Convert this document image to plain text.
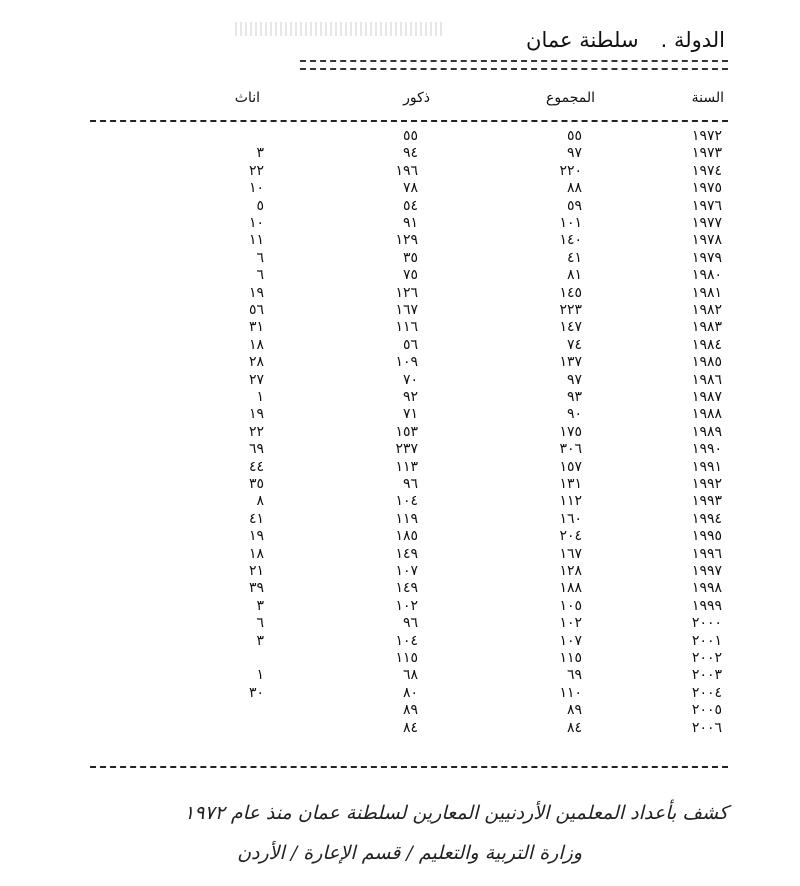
الدولة .سلطنة عمان
السنة
المجموع
ذكور
اناث
١٩٧٢
٥٥
٥٥
١٩٧٣
٩٧
٩٤
٣
١٩٧٤
٢٢٠
١٩٦
٢٢
١٩٧٥
٨٨
٧٨
١٠
١٩٧٦
٥٩
٥٤
٥
١٩٧٧
١٠١
٩١
١٠
١٩٧٨
١٤٠
١٢٩
١١
١٩٧٩
٤١
٣٥
٦
١٩٨٠
٨١
٧٥
٦
١٩٨١
١٤٥
١٢٦
١٩
١٩٨٢
٢٢٣
١٦٧
٥٦
١٩٨٣
١٤٧
١١٦
٣١
١٩٨٤
٧٤
٥٦
١٨
١٩٨٥
١٣٧
١٠٩
٢٨
١٩٨٦
٩٧
٧٠
٢٧
١٩٨٧
٩٣
٩٢
١
١٩٨٨
٩٠
٧١
١٩
١٩٨٩
١٧٥
١٥٣
٢٢
١٩٩٠
٣٠٦
٢٣٧
٦٩
١٩٩١
١٥٧
١١٣
٤٤
١٩٩٢
١٣١
٩٦
٣٥
١٩٩٣
١١٢
١٠٤
٨
١٩٩٤
١٦٠
١١٩
٤١
١٩٩٥
٢٠٤
١٨٥
١٩
١٩٩٦
١٦٧
١٤٩
١٨
١٩٩٧
١٢٨
١٠٧
٢١
١٩٩٨
١٨٨
١٤٩
٣٩
١٩٩٩
١٠٥
١٠٢
٣
٢٠٠٠
١٠٢
٩٦
٦
٢٠٠١
١٠٧
١٠٤
٣
٢٠٠٢
١١٥
١١٥
٢٠٠٣
٦٩
٦٨
١
٢٠٠٤
١١٠
٨٠
٣٠
٢٠٠٥
٨٩
٨٩
٢٠٠٦
٨٤
٨٤
كشف بأعداد المعلمين الأردنيين المعارين لسلطنة عمان منذ عام ١٩٧٢
وزارة التربية والتعليم / قسم الإعارة / الأردن
